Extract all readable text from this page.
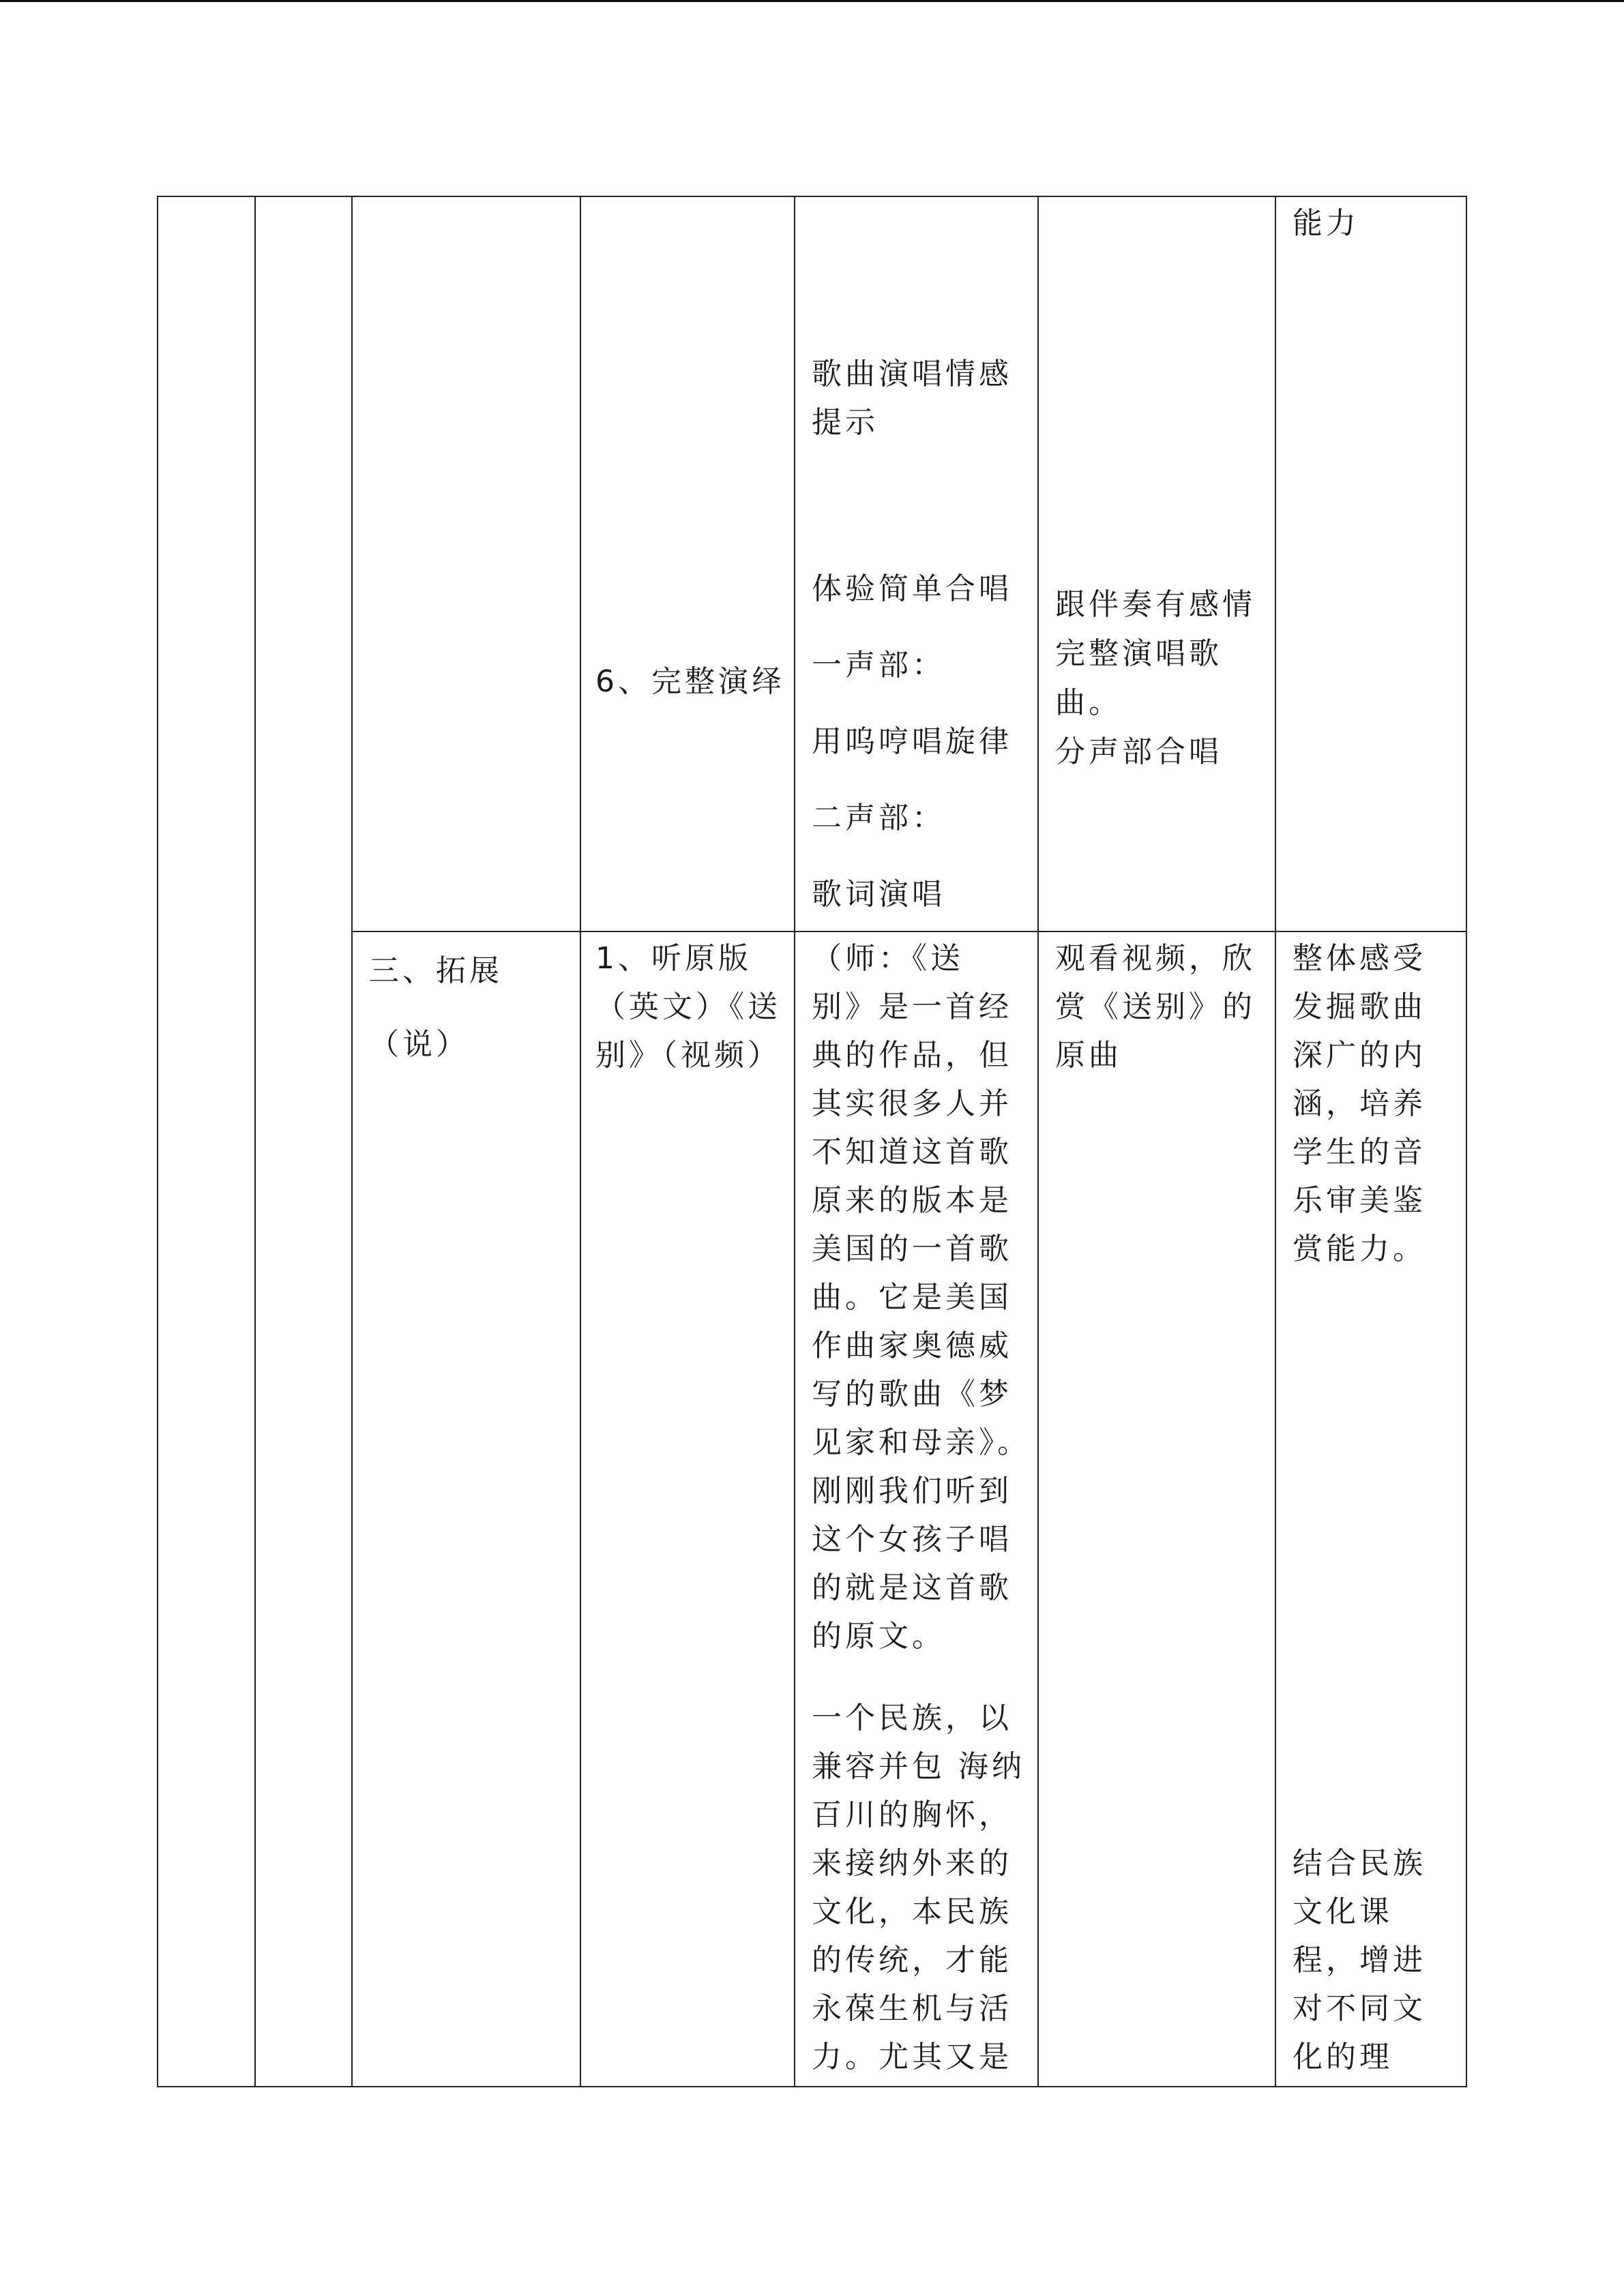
能力
歌曲演唱情感
提示
6、完整演绎
体验简单合唱
一声部：
用呜哼唱旋律
二声部：
歌词演唱
跟伴奏有感情
完整演唱歌
曲。
分声部合唱
三、拓展
（说）
1、听原版
（英文）《送
别》（视频）
（师：《送
别》是一首经
典的作品，但
其实很多人并
不知道这首歌
原来的版本是
美国的一首歌
曲。它是美国
作曲家奥德威
写的歌曲《梦
见家和母亲》。
刚刚我们听到
这个女孩子唱
的就是这首歌
的原文。
一个民族，以
兼容并包 海纳
百川的胸怀，
来接纳外来的
文化，本民族
的传统，才能
永葆生机与活
力。尤其又是
观看视频，欣
赏《送别》的
原曲
整体感受
发掘歌曲
深广的内
涵，培养
学生的音
乐审美鉴
赏能力。
结合民族
文化课
程，增进
对不同文
化的理
